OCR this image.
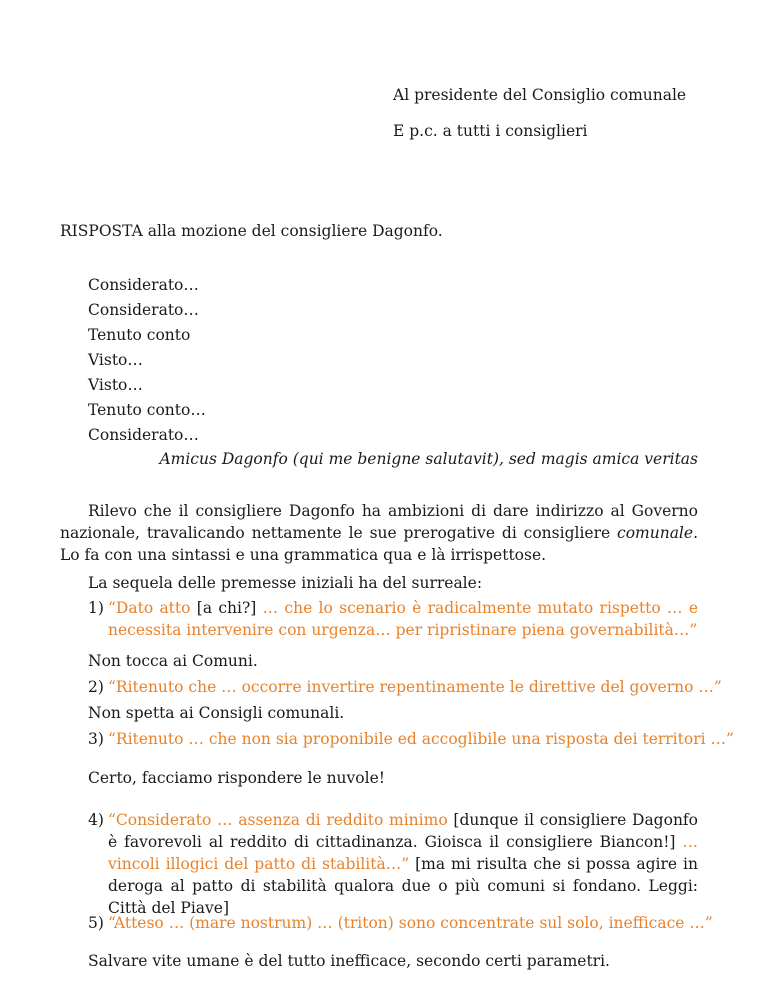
Al presidente del Consiglio comunale
E p.c. a tutti i consiglieri
RISPOSTA alla mozione del consigliere Dagonfo.
Considerato…
Considerato…
Tenuto conto
Visto…
Visto…
Tenuto conto…
Considerato…
Amicus Dagonfo (qui me benigne salutavit), sed magis amica veritas
Rilevo che il consigliere Dagonfo ha ambizioni di dare indirizzo al Governo nazionale, travalicando nettamente le sue prerogative di consigliere comunale. Lo fa con una sintassi e una grammatica qua e là irrispettose.
La sequela delle premesse iniziali ha del surreale:
1) “Dato atto [a chi?] … che lo scenario è radicalmente mutato rispetto … e necessita intervenire con urgenza… per ripristinare piena governabilità…”
Non tocca ai Comuni.
2) “Ritenuto che … occorre invertire repentinamente le direttive del governo …”
Non spetta ai Consigli comunali.
3) “Ritenuto … che non sia proponibile ed accoglibile una risposta dei territori …”
Certo, facciamo rispondere le nuvole!
4) “Considerato … assenza di reddito minimo [dunque il consigliere Dagonfo è favorevoli al reddito di cittadinanza. Gioisca il consigliere Biancon!] … vincoli illogici del patto di stabilità…” [ma mi risulta che si possa agire in deroga al patto di stabilità qualora due o più comuni si fondano. Leggi: Città del Piave]
5) “Atteso … (mare nostrum) … (triton) sono concentrate sul solo, inefficace …”
Salvare vite umane è del tutto inefficace, secondo certi parametri.
